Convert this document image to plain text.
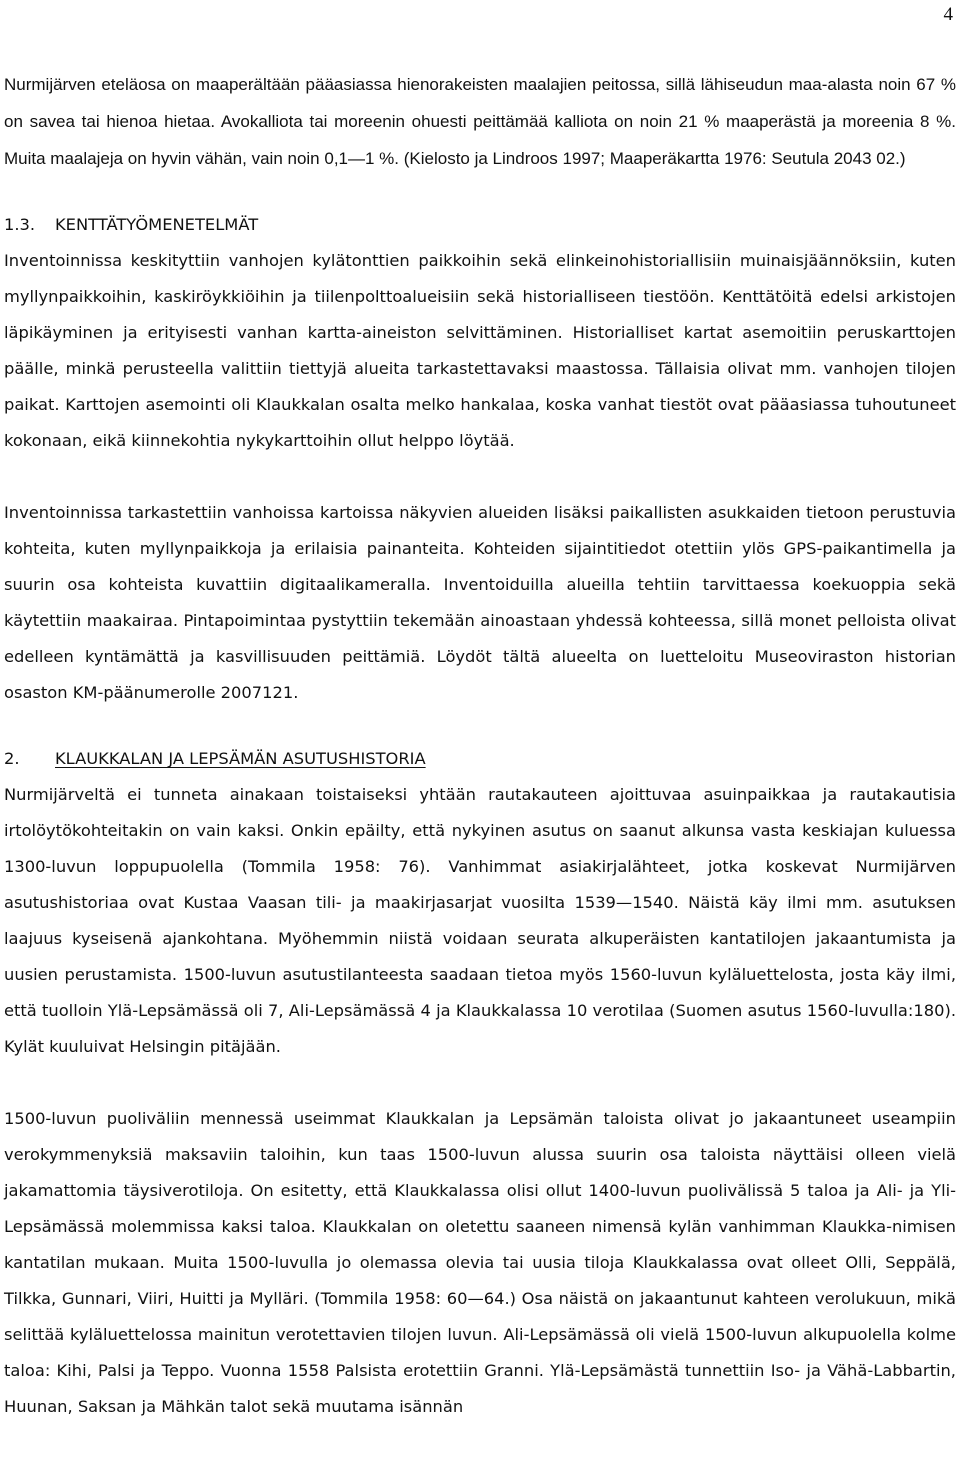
4

Nurmijärven eteläosa on maaperältään pääasiassa hienorakeisten maalajien peitossa, sillä lähiseudun maa-alasta noin 67 % on savea tai hienoa hietaa. Avokalliota tai moreenin ohuesti peittämää kalliota on noin 21 % maaperästä ja moreenia 8 %. Muita maalajeja on hyvin vähän, vain noin 0,1—1 %. (Kielosto ja Lindroos 1997; Maaperäkartta 1976: Seutula 2043 02.)

1.3. KENTTÄTYÖMENETELMÄT

Inventoinnissa keskityttiin vanhojen kylätonttien paikkoihin sekä elinkeinohistoriallisiin muinaisjäännöksiin, kuten myllynpaikkoihin, kaskiröykkiöihin ja tiilenpolttoalueisiin sekä historialliseen tiestöön. Kenttätöitä edelsi arkistojen läpikäyminen ja erityisesti vanhan kartta-aineiston selvittäminen. Historialliset kartat asemoitiin peruskarttojen päälle, minkä perusteella valittiin tiettyjä alueita tarkastettavaksi maastossa. Tällaisia olivat mm. vanhojen tilojen paikat. Karttojen asemointi oli Klaukkalan osalta melko hankalaa, koska vanhat tiestöt ovat pääasiassa tuhoutuneet kokonaan, eikä kiinnekohtia nykykarttoihin ollut helppo löytää.

Inventoinnissa tarkastettiin vanhoissa kartoissa näkyvien alueiden lisäksi paikallisten asukkaiden tietoon perustuvia kohteita, kuten myllynpaikkoja ja erilaisia painanteita. Kohteiden sijaintitiedot otettiin ylös GPS-paikantimella ja suurin osa kohteista kuvattiin digitaalikameralla. Inventoiduilla alueilla tehtiin tarvittaessa koekuoppia sekä käytettiin maakairaa. Pintapoimintaa pystyttiin tekemään ainoastaan yhdessä kohteessa, sillä monet pelloista olivat edelleen kyntämättä ja kasvillisuuden peittämiä. Löydöt tältä alueelta on luetteloitu Museoviraston historian osaston KM-päänumerolle 2007121.

2. KLAUKKALAN JA LEPSÄMÄN ASUTUSHISTORIA

Nurmijärveltä ei tunneta ainakaan toistaiseksi yhtään rautakauteen ajoittuvaa asuinpaikkaa ja rautakautisia irtolöytökohteitakin on vain kaksi. Onkin epäilty, että nykyinen asutus on saanut alkunsa vasta keskiajan kuluessa 1300-luvun loppupuolella (Tommila 1958: 76). Vanhimmat asiakirjalähteet, jotka koskevat Nurmijärven asutushistoriaa ovat Kustaa Vaasan tili- ja maakirjasarjat vuosilta 1539—1540. Näistä käy ilmi mm. asutuksen laajuus kyseisenä ajankohtana. Myöhemmin niistä voidaan seurata alkuperäisten kantatilojen jakaantumista ja uusien perustamista. 1500-luvun asutustilanteesta saadaan tietoa myös 1560-luvun kyläluettelosta, josta käy ilmi, että tuolloin Ylä-Lepsämässä oli 7, Ali-Lepsämässä 4 ja Klaukkalassa 10 verotilaa (Suomen asutus 1560-luvulla:180). Kylät kuuluivat Helsingin pitäjään.

1500-luvun puoliväliin mennessä useimmat Klaukkalan ja Lepsämän taloista olivat jo jakaantuneet useampiin verokymmenyksiä maksaviin taloihin, kun taas 1500-luvun alussa suurin osa taloista näyttäisi olleen vielä jakamattomia täysiverotiloja. On esitetty, että Klaukkalassa olisi ollut 1400-luvun puolivälissä 5 taloa ja Ali- ja Yli-Lepsämässä molemmissa kaksi taloa. Klaukkalan on oletettu saaneen nimensä kylän vanhimman Klaukka-nimisen kantatilan mukaan. Muita 1500-luvulla jo olemassa olevia tai uusia tiloja Klaukkalassa ovat olleet Olli, Seppälä, Tilkka, Gunnari, Viiri, Huitti ja Mylläri. (Tommila 1958: 60—64.) Osa näistä on jakaantunut kahteen verolukuun, mikä selittää kyläluettelossa mainitun verotettavien tilojen luvun. Ali-Lepsämässä oli vielä 1500-luvun alkupuolella kolme taloa: Kihi, Palsi ja Teppo. Vuonna 1558 Palsista erotettiin Granni. Ylä-Lepsämästä tunnettiin Iso- ja Vähä-Labbartin, Huunan, Saksan ja Mähkän talot sekä muutama isännän
